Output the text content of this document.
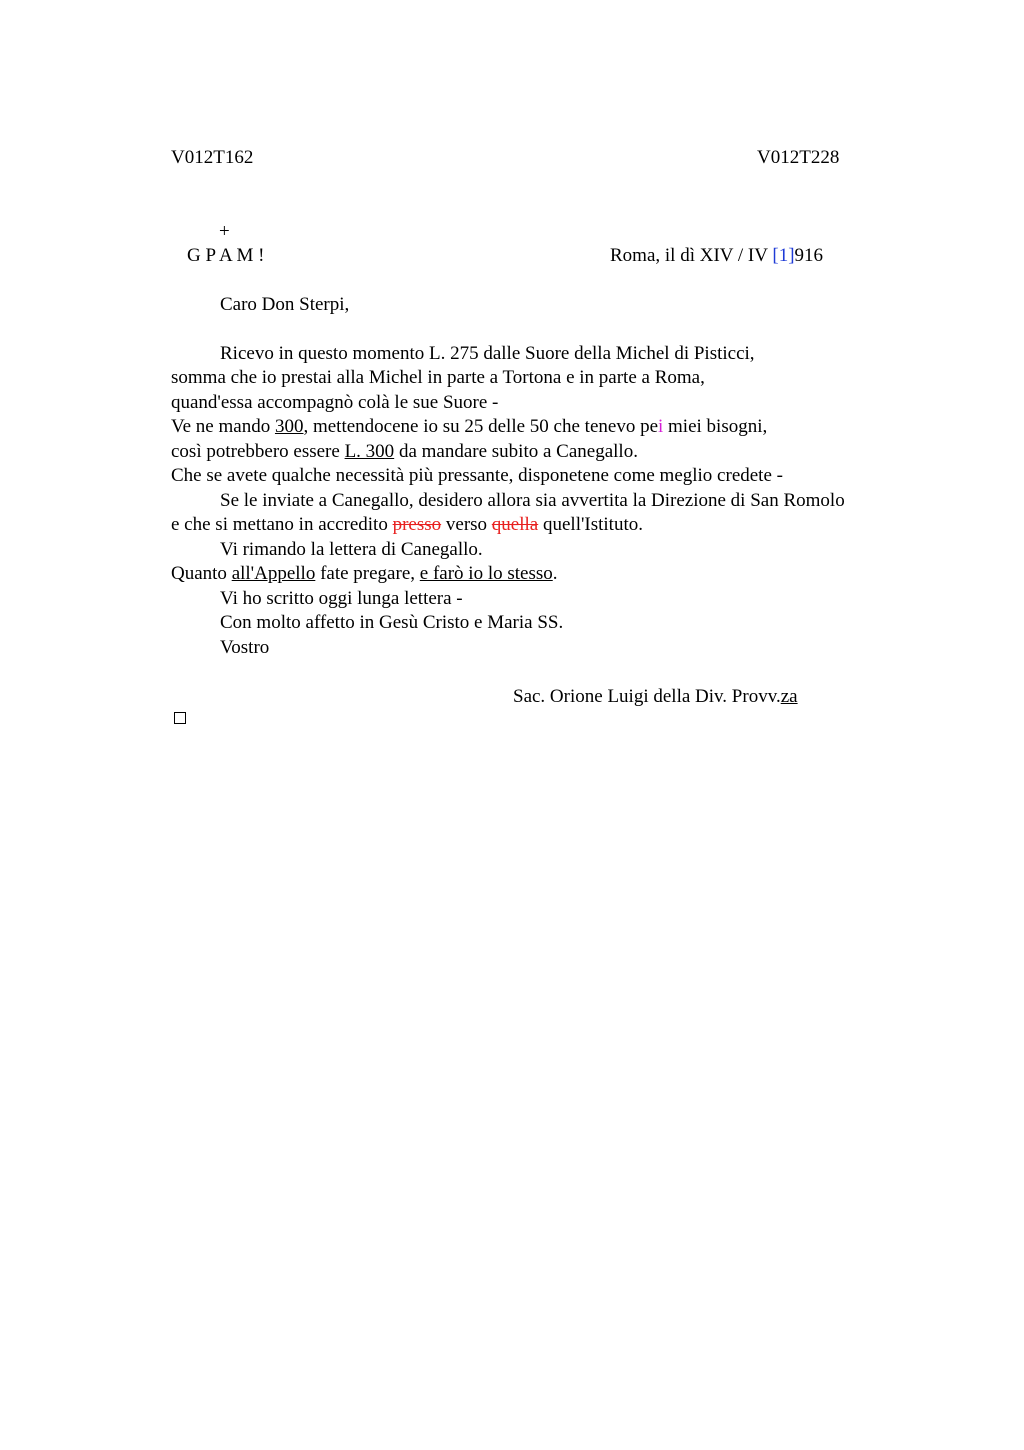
V012T162	V012T228
+
G P A M !	Roma, il dì XIV / IV [1]916
Caro Don Sterpi,
Ricevo in questo momento L. 275 dalle Suore della Michel di Pisticci,
somma che io prestai alla Michel in parte a Tortona e in parte a Roma,
quand'essa accompagnò colà le sue Suore -
Ve ne mando 300, mettendocene io su 25 delle 50 che tenevo pei miei bisogni,
così potrebbero essere L. 300 da mandare subito a Canegallo.
Che se avete qualche necessità più pressante, disponetene come meglio credete -
Se le inviate a Canegallo, desidero allora sia avvertita la Direzione di San Romolo
e che si mettano in accredito presso verso quella quell'Istituto.
Vi rimando la lettera di Canegallo.
Quanto all'Appello fate pregare, e farò io lo stesso.
Vi ho scritto oggi lunga lettera -
Con molto affetto in Gesù Cristo e Maria SS.
Vostro
Sac. Orione Luigi della Div. Provv.za
